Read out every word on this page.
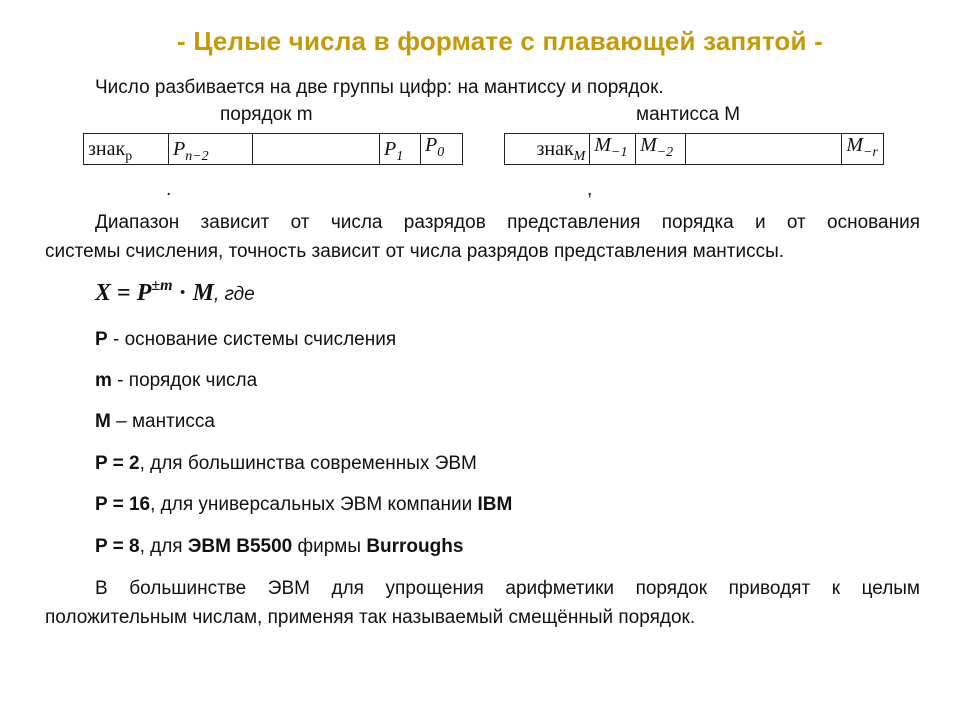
- Целые числа в формате с плавающей запятой -
Число разбивается на две группы цифр: на мантиссу и порядок.
порядок m
знак$_р$	$P_{n-2}$		$P_1$	$P_0$
.
мантисса M
знак$_M$	$M_{-1}$	$M_{-2}$		$M_{-r}$
,
Диапазон зависит от числа разрядов представления порядка и от основания
системы счисления, точность зависит от числа разрядов представления мантиссы.
$X = P^{\pm m} \cdot M$, где
P - основание системы счисления
m - порядок числа
M – мантисса
P = 2, для большинства современных ЭВМ
P = 16, для универсальных ЭВМ компании IBM
P = 8, для ЭВМ B5500 фирмы Burroughs
В большинстве ЭВМ для упрощения арифметики порядок приводят к целым
положительным числам, применяя так называемый смещённый порядок.
